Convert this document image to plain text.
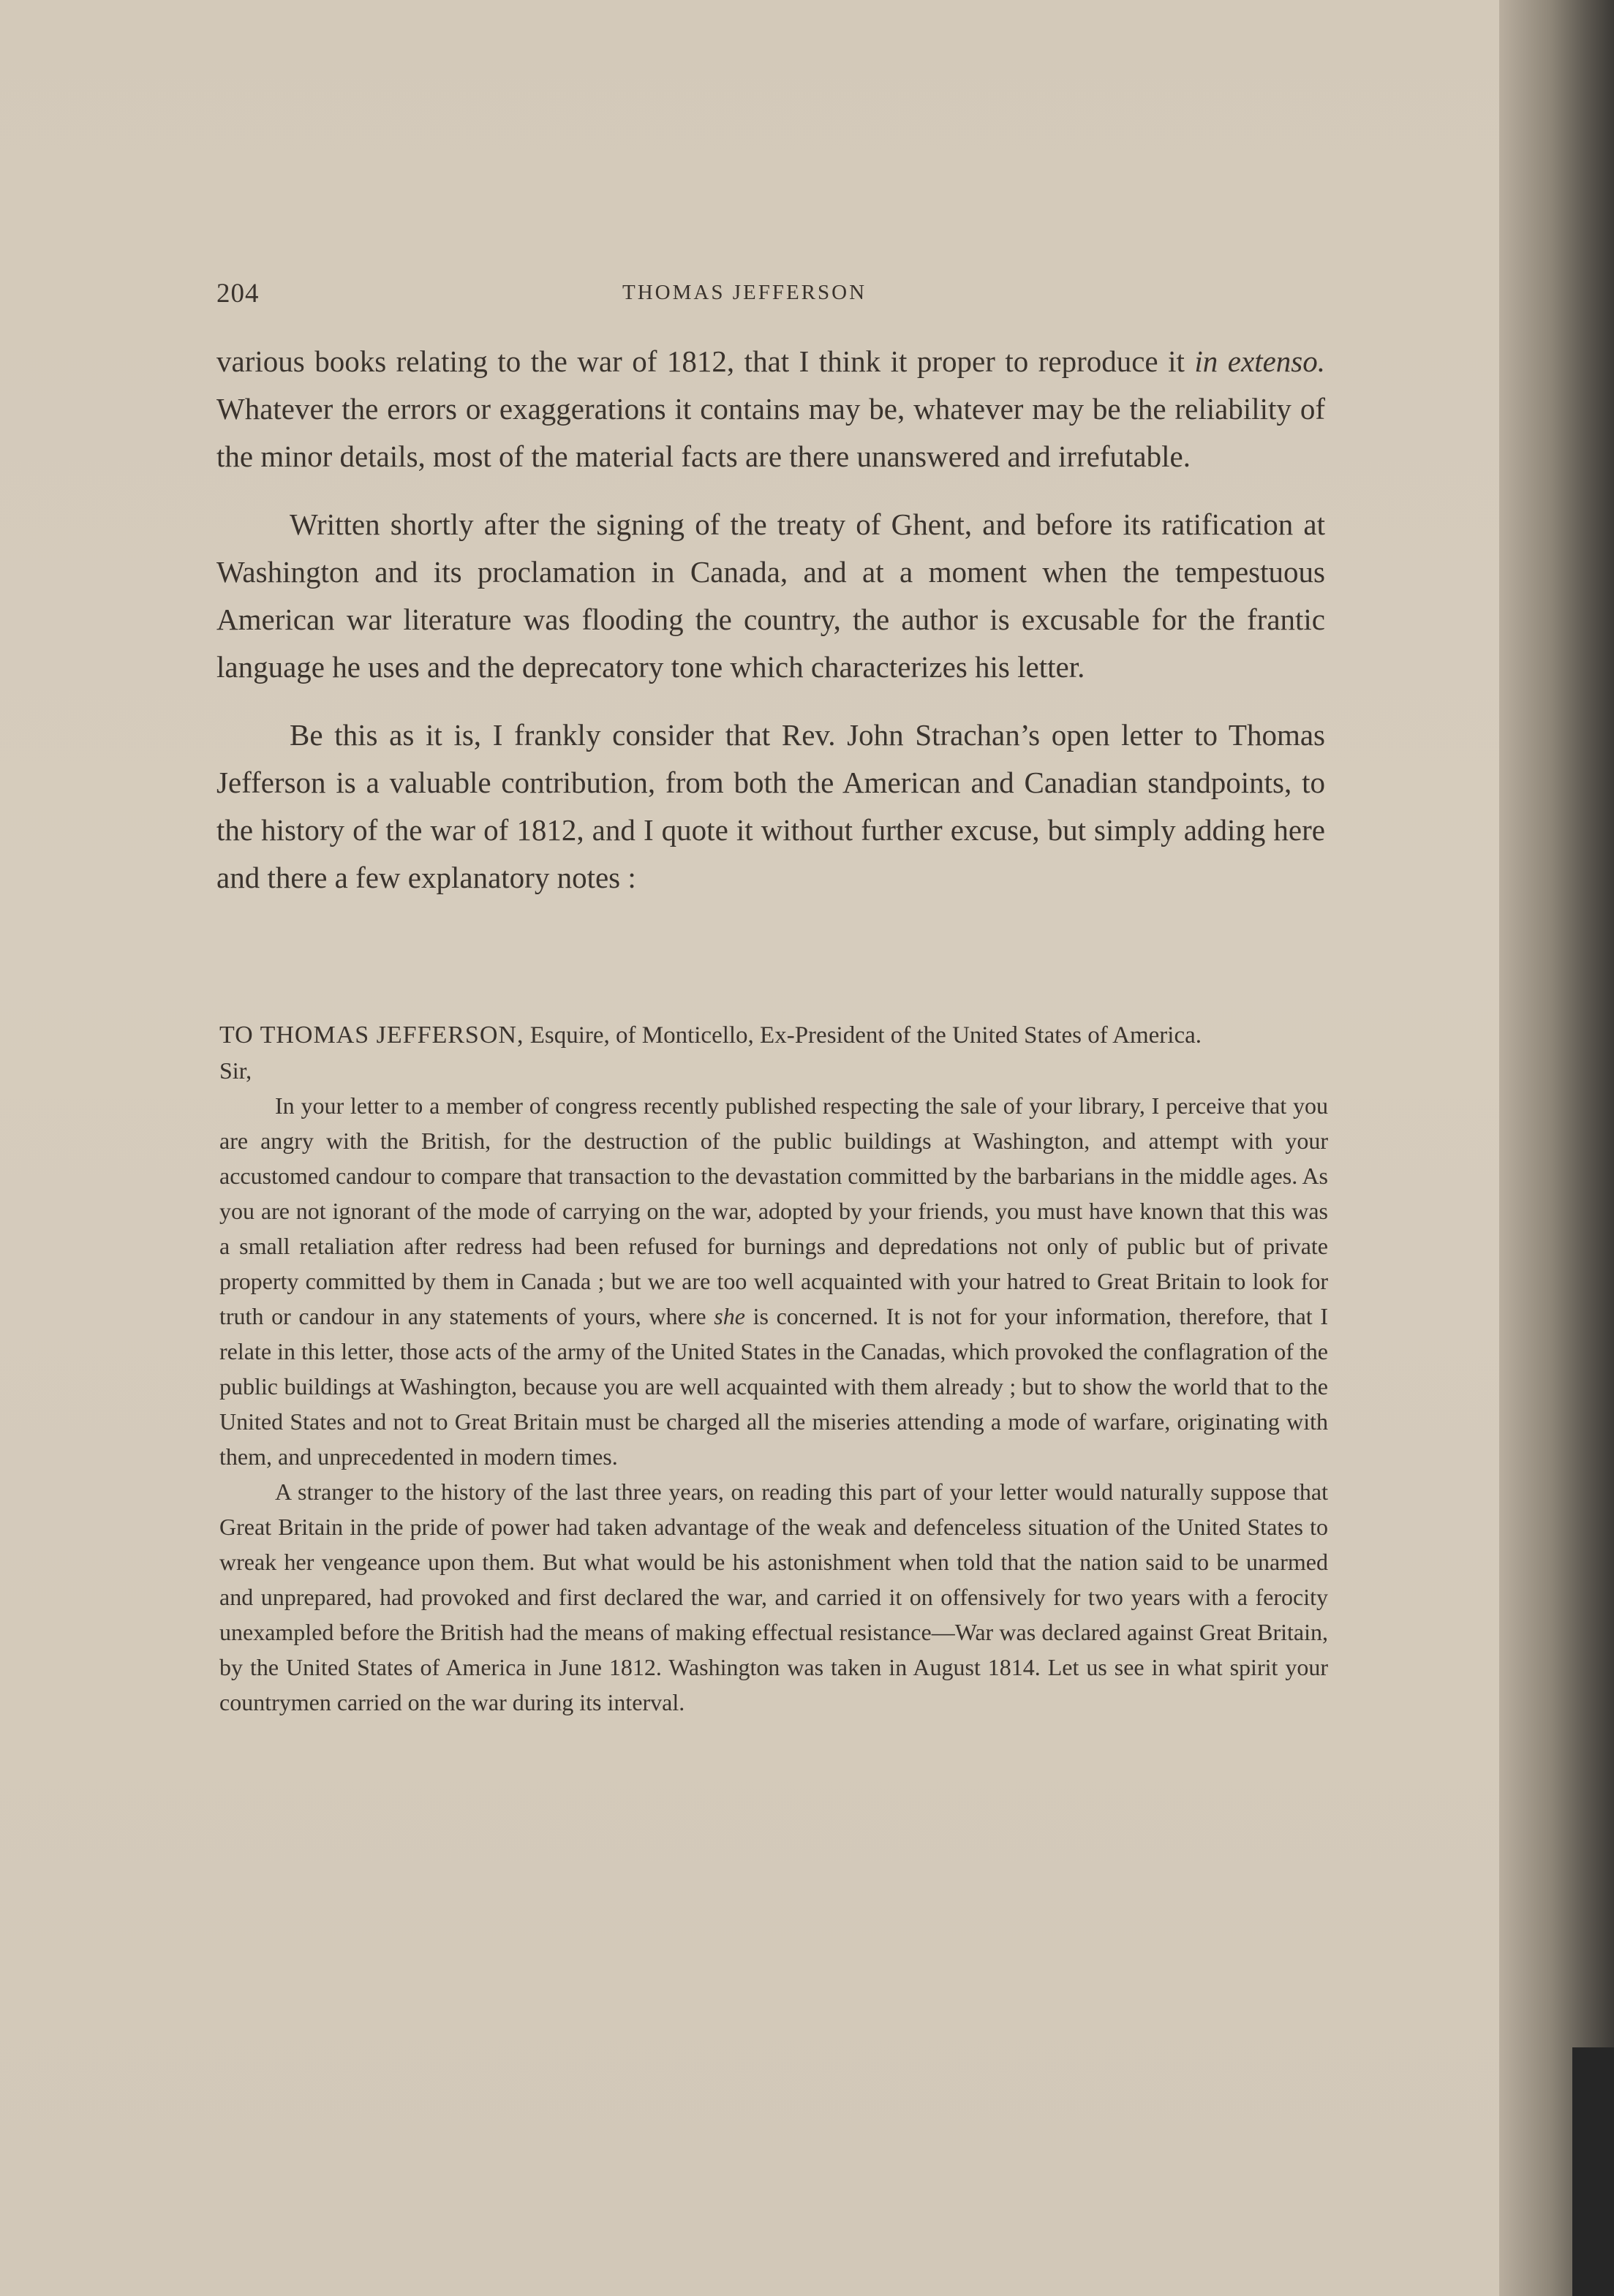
204	THOMAS JEFFERSON

various books relating to the war of 1812, that I think it proper to reproduce it in extenso. Whatever the errors or exaggerations it contains may be, whatever may be the reliability of the minor details, most of the material facts are there unanswered and irrefutable.

Written shortly after the signing of the treaty of Ghent, and before its ratification at Washington and its proclamation in Canada, and at a moment when the tempestuous American war literature was flooding the country, the author is excusable for the frantic language he uses and the deprecatory tone which characterizes his letter.

Be this as it is, I frankly consider that Rev. John Strachan’s open letter to Thomas Jefferson is a valuable contribution, from both the American and Canadian standpoints, to the history of the war of 1812, and I quote it without further excuse, but simply adding here and there a few explanatory notes :

TO THOMAS JEFFERSON, Esquire, of Monticello, Ex-President of the United States of America.

Sir,

In your letter to a member of congress recently published respecting the sale of your library, I perceive that you are angry with the British, for the destruction of the public buildings at Washington, and attempt with your accustomed candour to compare that transaction to the devastation committed by the barbarians in the middle ages. As you are not ignorant of the mode of carrying on the war, adopted by your friends, you must have known that this was a small retaliation after redress had been refused for burnings and depredations not only of public but of private property committed by them in Canada ; but we are too well acquainted with your hatred to Great Britain to look for truth or candour in any statements of yours, where she is concerned. It is not for your information, therefore, that I relate in this letter, those acts of the army of the United States in the Canadas, which provoked the conflagration of the public buildings at Washington, because you are well acquainted with them already ; but to show the world that to the United States and not to Great Britain must be charged all the miseries attending a mode of warfare, originating with them, and unprecedented in modern times.

A stranger to the history of the last three years, on reading this part of your letter would naturally suppose that Great Britain in the pride of power had taken advantage of the weak and defenceless situation of the United States to wreak her vengeance upon them. But what would be his astonishment when told that the nation said to be unarmed and unprepared, had provoked and first declared the war, and carried it on offensively for two years with a ferocity unexampled before the British had the means of making effectual resistance—War was declared against Great Britain, by the United States of America in June 1812. Washington was taken in August 1814. Let us see in what spirit your countrymen carried on the war during its interval.
